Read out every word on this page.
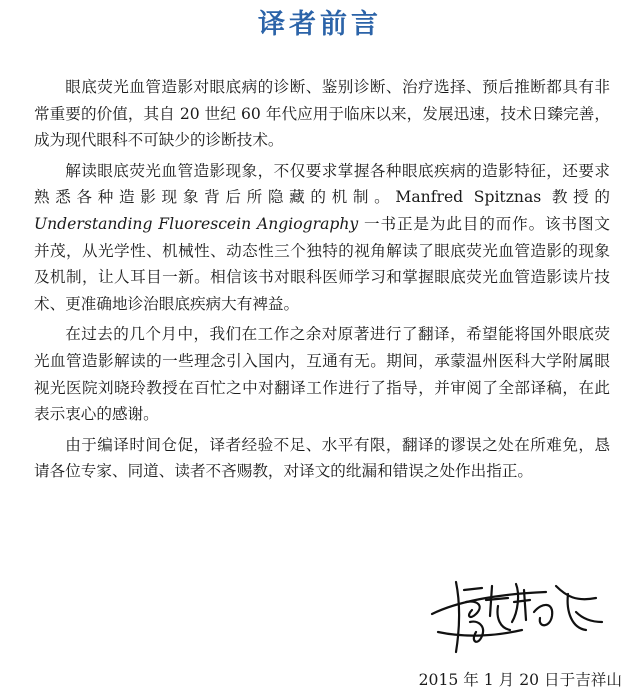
译者前言

眼底荧光血管造影对眼底病的诊断、鉴别诊断、治疗选择、预后推断都具有非常重要的价值，其自 20 世纪 60 年代应用于临床以来，发展迅速，技术日臻完善，成为现代眼科不可缺少的诊断技术。

解读眼底荧光血管造影现象，不仅要求掌握各种眼底疾病的造影特征，还要求熟悉各种造影现象背后所隐藏的机制。Manfred Spitznas 教授的 Understanding Fluorescein Angiography 一书正是为此目的而作。该书图文并茂，从光学性、机械性、动态性三个独特的视角解读了眼底荧光血管造影的现象及机制，让人耳目一新。相信该书对眼科医师学习和掌握眼底荧光血管造影读片技术、更准确地诊治眼底疾病大有裨益。

在过去的几个月中，我们在工作之余对原著进行了翻译，希望能将国外眼底荧光血管造影解读的一些理念引入国内，互通有无。期间，承蒙温州医科大学附属眼视光医院刘晓玲教授在百忙之中对翻译工作进行了指导，并审阅了全部译稿，在此表示衷心的感谢。

由于编译时间仓促，译者经验不足、水平有限，翻译的谬误之处在所难免，恳请各位专家、同道、读者不吝赐教，对译文的纰漏和错误之处作出指正。

2015 年 1 月 20 日于吉祥山
